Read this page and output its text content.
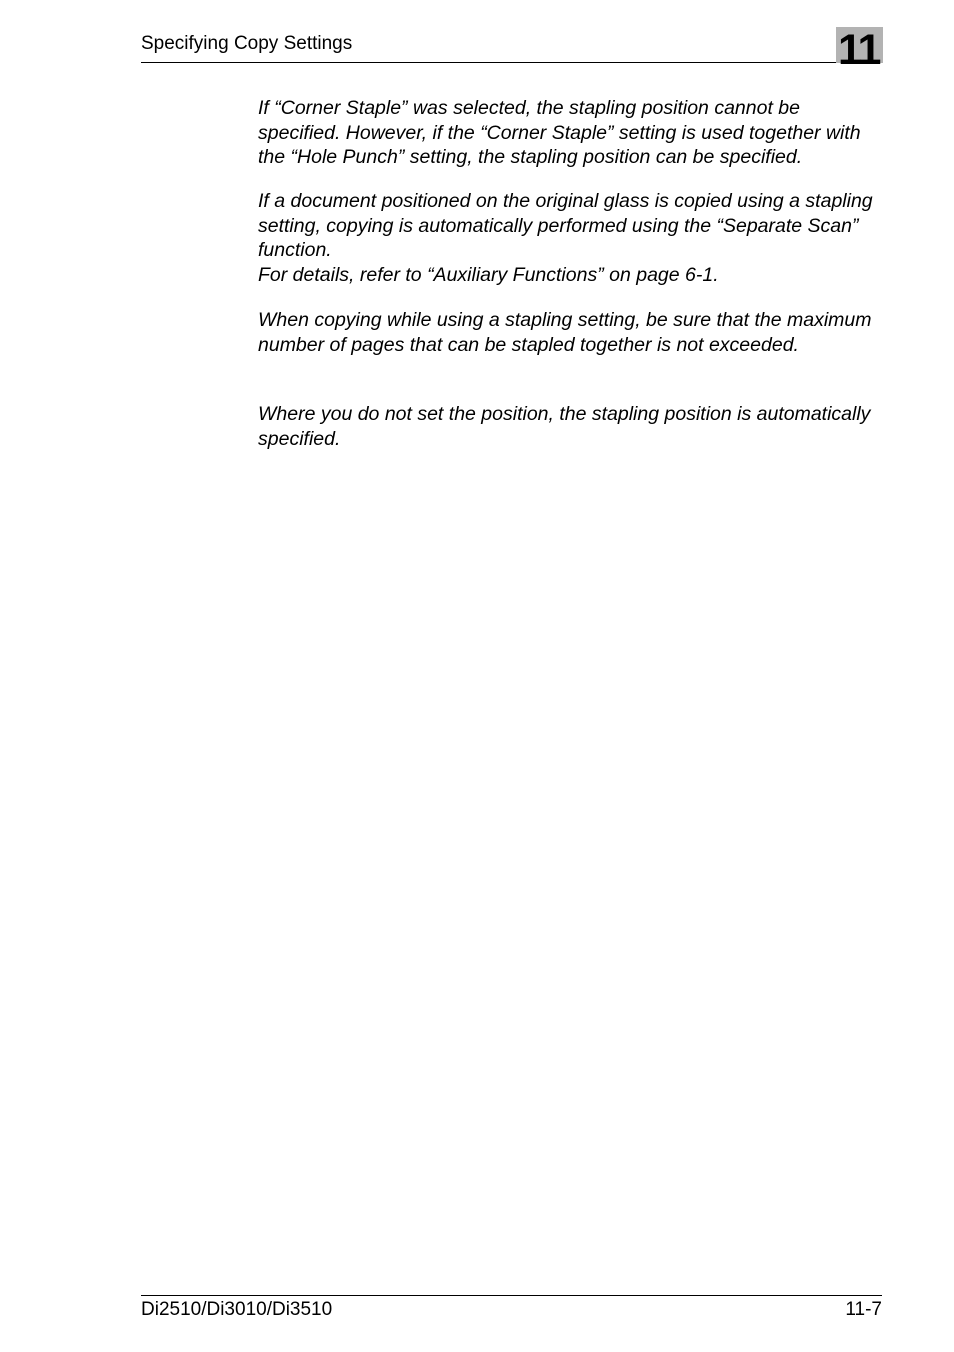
Specifying Copy Settings	11

If “Corner Staple” was selected, the stapling position cannot be specified. However, if the “Corner Staple” setting is used together with the “Hole Punch” setting, the stapling position can be specified.

If a document positioned on the original glass is copied using a stapling setting, copying is automatically performed using the “Separate Scan” function.

For details, refer to “Auxiliary Functions” on page 6-1.

When copying while using a stapling setting, be sure that the maximum number of pages that can be stapled together is not exceeded.

Where you do not set the position, the stapling position is automatically specified.

Di2510/Di3010/Di3510	11-7
